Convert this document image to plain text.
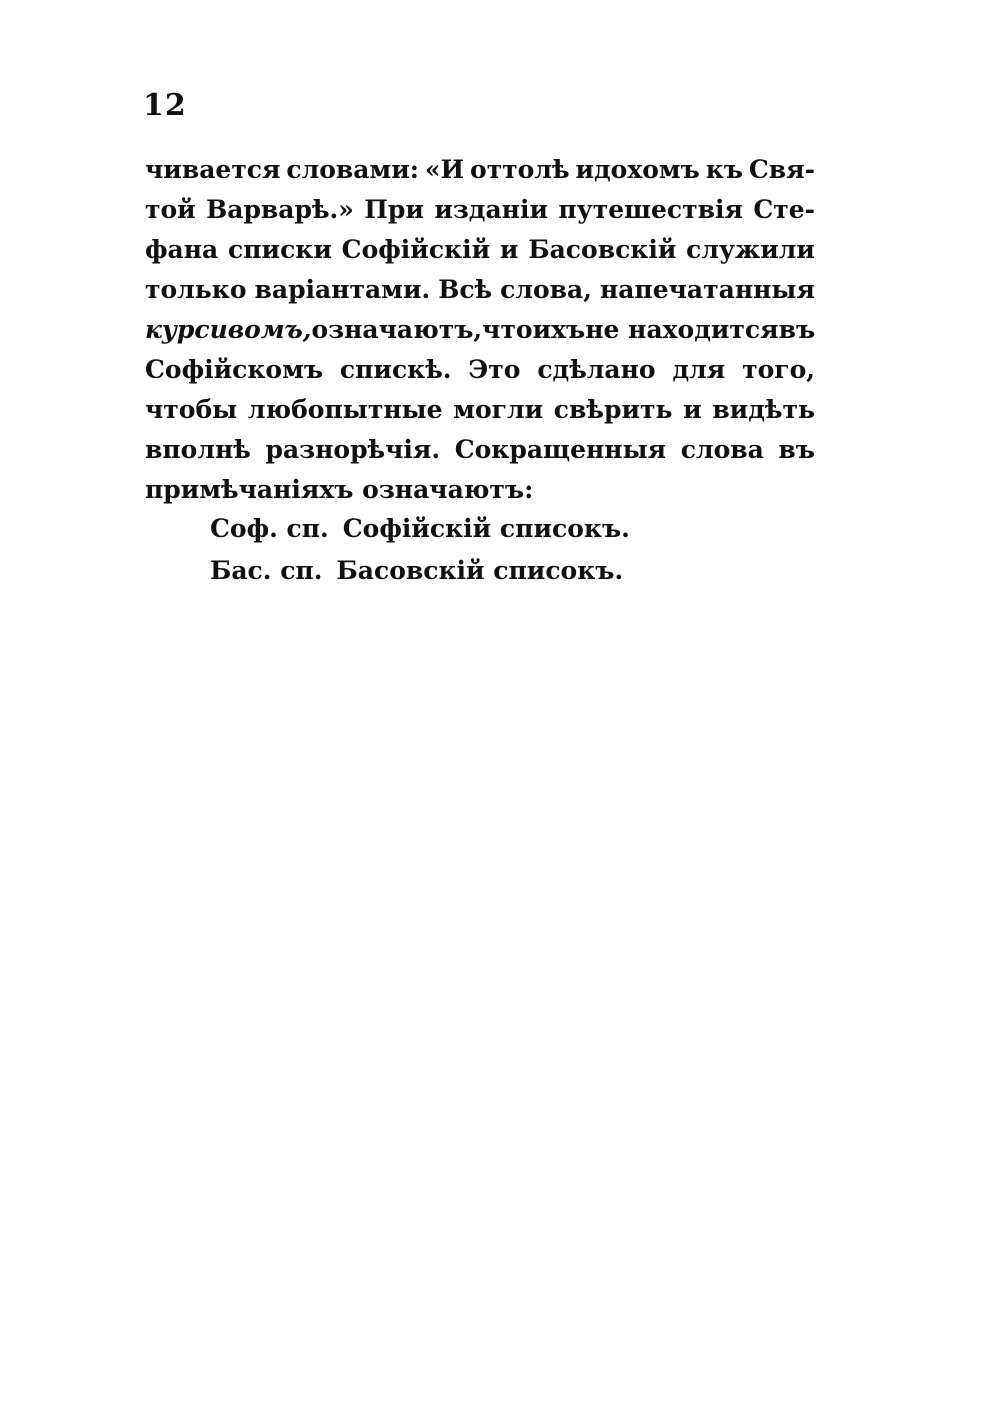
12
чивается словами: «И оттолѣ идохомъ къ Свя-
той Варварѣ.» При изданіи путешествія Сте-
фана списки Софійскій и Басовскій служили
только варіантами. Всѣ слова, напечатанныя
курсивомъ, означаютъ, что ихъ не находится въ
Софійскомъ спискѣ. Это сдѣлано для того,
чтобы любопытные могли свѣрить и видѣть
вполнѣ разнорѣчія. Сокращенныя слова въ
примѣчаніяхъ означаютъ:
Соф. сп. Софійскій списокъ.
Бас. сп. Басовскій списокъ.
